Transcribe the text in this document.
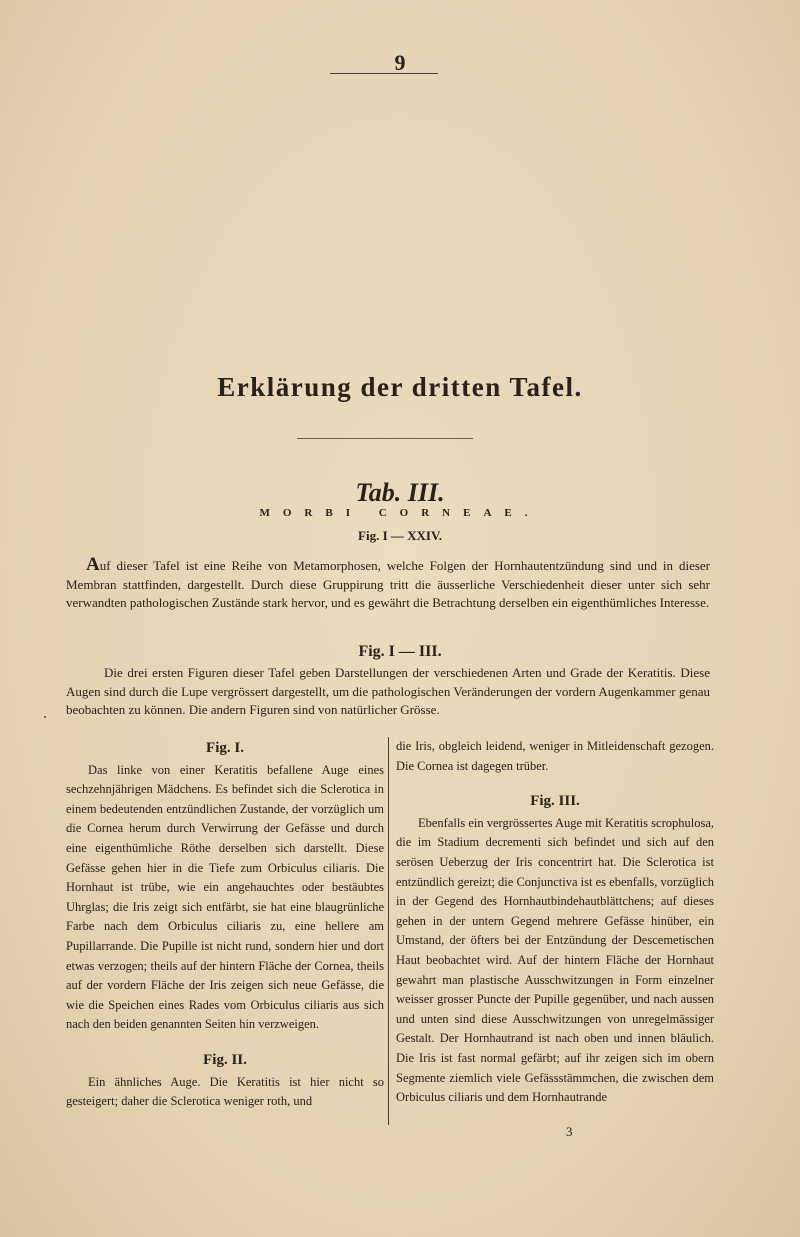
9
Erklärung der dritten Tafel.
Tab. III.
MORBI CORNEAE.
Fig. I — XXIV.
Auf dieser Tafel ist eine Reihe von Metamorphosen, welche Folgen der Hornhautentzündung sind und in dieser Membran stattfinden, dargestellt. Durch diese Gruppirung tritt die äusserliche Verschiedenheit dieser unter sich sehr verwandten pathologischen Zustände stark hervor, und es gewährt die Betrachtung derselben ein eigenthümliches Interesse.
Fig. I — III.
Die drei ersten Figuren dieser Tafel geben Darstellungen der verschiedenen Arten und Grade der Keratitis. Diese Augen sind durch die Lupe vergrössert dargestellt, um die pathologischen Veränderungen der vordern Augenkammer genau beobachten zu können. Die andern Figuren sind von natürlicher Grösse.
Fig. I.

Das linke von einer Keratitis befallene Auge eines sechzehnjährigen Mädchens. Es befindet sich die Sclerotica in einem bedeutenden entzündlichen Zustande, der vorzüglich um die Cornea herum durch Verwirrung der Gefässe und durch eine eigenthümliche Röthe derselben sich darstellt. Diese Gefässe gehen hier in die Tiefe zum Orbiculus ciliaris. Die Hornhaut ist trübe, wie ein angehauchtes oder bestäubtes Uhrglas; die Iris zeigt sich entfärbt, sie hat eine blaugrünliche Farbe nach dem Orbiculus ciliaris zu, eine hellere am Pupillarrande. Die Pupille ist nicht rund, sondern hier und dort etwas verzogen; theils auf der hintern Fläche der Cornea, theils auf der vordern Fläche der Iris zeigen sich neue Gefässe, die wie die Speichen eines Rades vom Orbiculus ciliaris aus sich nach den beiden genannten Seiten hin verzweigen.

Fig. II.

Ein ähnliches Auge. Die Keratitis ist hier nicht so gesteigert; daher die Sclerotica weniger roth, und

die Iris, obgleich leidend, weniger in Mitleidenschaft gezogen. Die Cornea ist dagegen trüber.

Fig. III.

Ebenfalls ein vergrössertes Auge mit Keratitis scrophulosa, die im Stadium decrementi sich befindet und sich auf den serösen Ueberzug der Iris concentrirt hat. Die Sclerotica ist entzündlich gereizt; die Conjunctiva ist es ebenfalls, vorzüglich in der Gegend des Hornhautbindehautblättchens; auf dieses gehen in der untern Gegend mehrere Gefässe hinüber, ein Umstand, der öfters bei der Entzündung der Descemetischen Haut beobachtet wird. Auf der hintern Fläche der Hornhaut gewahrt man plastische Ausschwitzungen in Form einzelner weisser grosser Puncte der Pupille gegenüber, und nach aussen und unten sind diese Ausschwitzungen von unregelmässiger Gestalt. Der Hornhautrand ist nach oben und innen bläulich. Die Iris ist fast normal gefärbt; auf ihr zeigen sich im obern Segmente ziemlich viele Gefässstämmchen, die zwischen dem Orbiculus ciliaris und dem Hornhautrande

3
